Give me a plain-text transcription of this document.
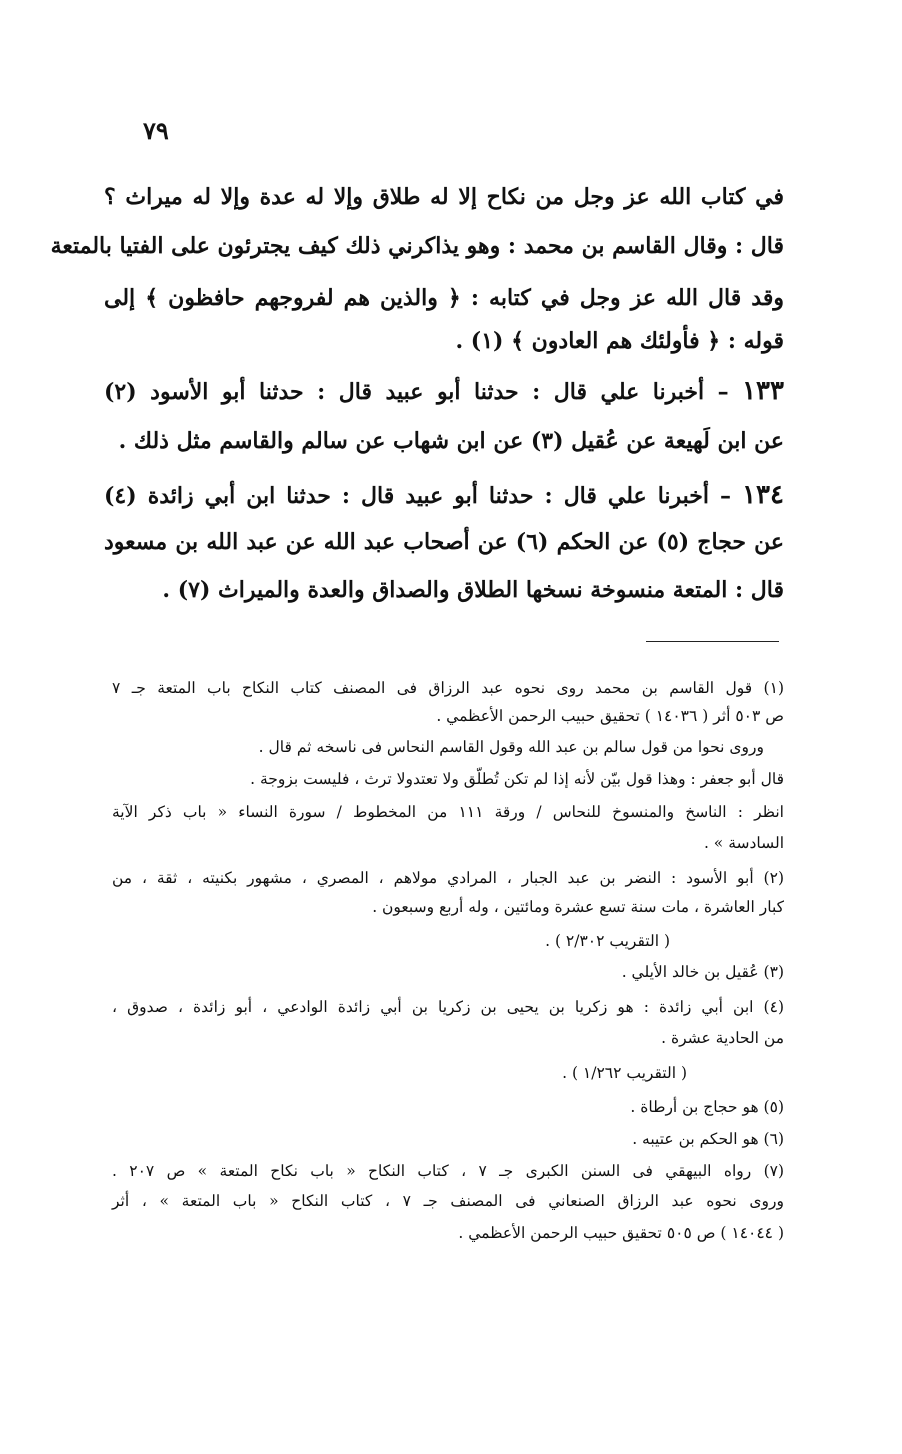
٧٩
في كتاب الله عز وجل من نكاح إلا له طلاق وإلا له عدة وإلا له ميراث ؟
قال : وقال القاسم بن محمد : وهو يذاكرني ذلك كيف يجترئون على الفتيا بالمتعة
وقد قال الله عز وجل في كتابه : ﴿ والذين هم لفروجهم حافظون ﴾ إلى
قوله : ﴿ فأولئك هم العادون ﴾ (١) .
١٣٣ – أخبرنا علي قال : حدثنا أبو عبيد قال : حدثنا أبو الأسود (٢)
عن ابن لَهيعة عن عُقيل (٣) عن ابن شهاب عن سالم والقاسم مثل ذلك .
١٣٤ – أخبرنا علي قال : حدثنا أبو عبيد قال : حدثنا ابن أبي زائدة (٤)
عن حجاج (٥) عن الحكم (٦) عن أصحاب عبد الله عن عبد الله بن مسعود
قال : المتعة منسوخة نسخها الطلاق والصداق والعدة والميراث (٧) .
(١) قول القاسم بن محمد روى نحوه عبد الرزاق فى المصنف كتاب النكاح باب المتعة جـ ٧
ص ٥٠٣ أثر ( ١٤٠٣٦ ) تحقيق حبيب الرحمن الأعظمي .
وروى نحوا من قول سالم بن عبد الله وقول القاسم النحاس فى ناسخه ثم قال .
قال أبو جعفر : وهذا قول بيّن لأنه إذا لم تكن تُطلّق ولا تعتدولا ترث ، فليست بزوجة .
انظر : الناسخ والمنسوخ للنحاس / ورقة ١١١ من المخطوط / سورة النساء « باب ذكر الآية
السادسة » .
(٢) أبو الأسود : النضر بن عبد الجبار ، المرادي مولاهم ، المصري ، مشهور بكنيته ، ثقة ، من
كبار العاشرة ، مات سنة تسع عشرة ومائتين ، وله أربع وسبعون .
( التقريب ٢/٣٠٢ ) .
(٣) عُقيل بن خالد الأيلي .
(٤) ابن أبي زائدة : هو زكريا بن يحيى بن زكريا بن أبي زائدة الوادعي ، أبو زائدة ، صدوق ،
من الحادية عشرة .
( التقريب ١/٢٦٢ ) .
(٥) هو حجاج بن أرطاة .
(٦) هو الحكم بن عتيبه .
(٧) رواه البيهقي فى السنن الكبرى جـ ٧ ، كتاب النكاح « باب نكاح المتعة » ص ٢٠٧ .
وروى نحوه عبد الرزاق الصنعاني فى المصنف جـ ٧ ، كتاب النكاح « باب المتعة » ، أثر
( ١٤٠٤٤ ) ص ٥٠٥ تحقيق حبيب الرحمن الأعظمي .
